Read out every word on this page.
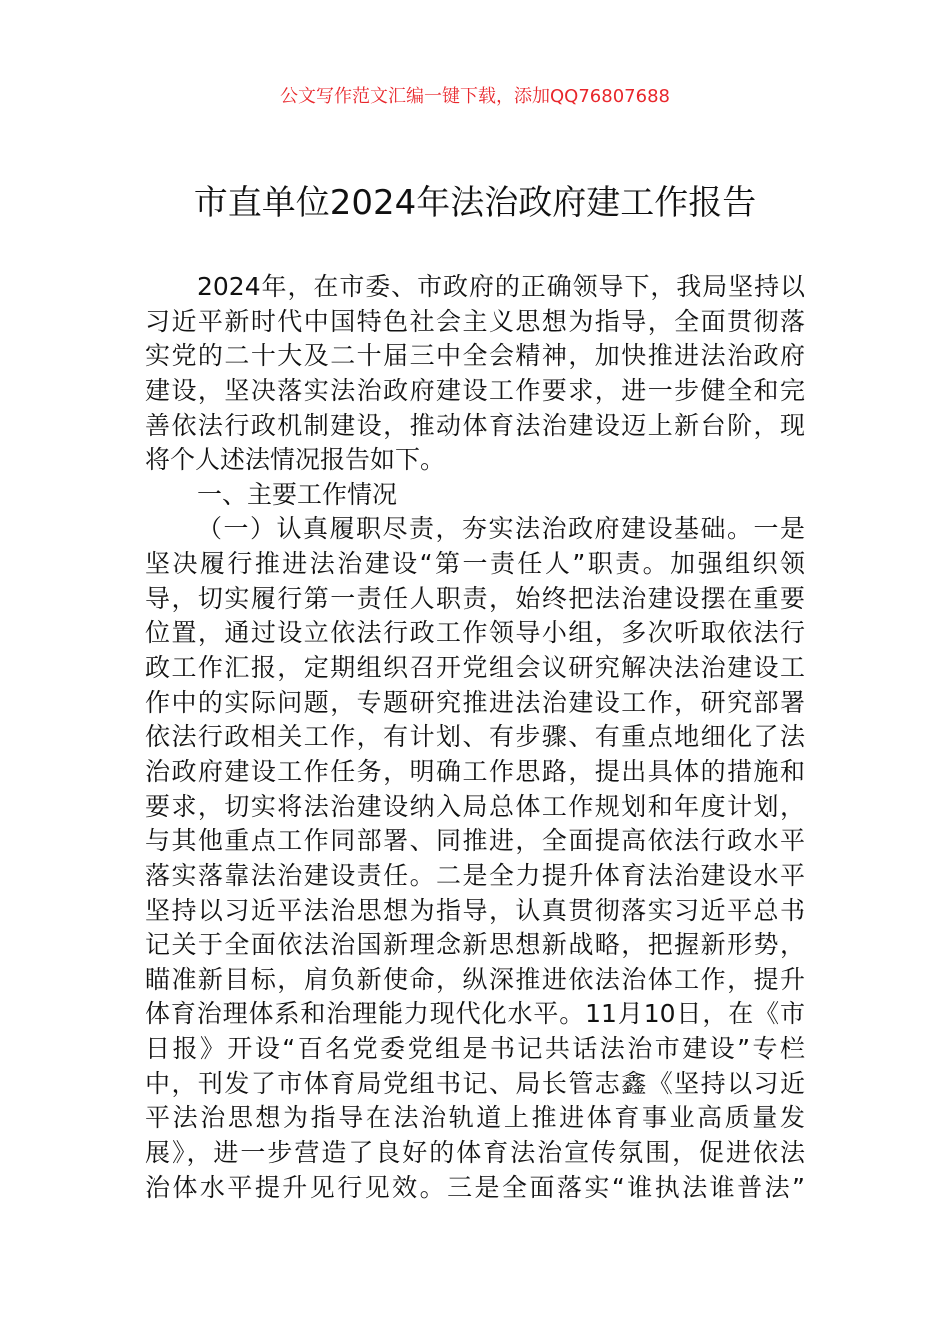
公文写作范文汇编一键下载，添加QQ76807688
市直单位2024年法治政府建工作报告
2024年，在市委、市政府的正确领导下，我局坚持以
习近平新时代中国特色社会主义思想为指导，全面贯彻落
实党的二十大及二十届三中全会精神，加快推进法治政府
建设，坚决落实法治政府建设工作要求，进一步健全和完
善依法行政机制建设，推动体育法治建设迈上新台阶，现
将个人述法情况报告如下。
一、主要工作情况
（一）认真履职尽责，夯实法治政府建设基础。一是
坚决履行推进法治建设“第一责任人”职责。加强组织领
导，切实履行第一责任人职责，始终把法治建设摆在重要
位置，通过设立依法行政工作领导小组，多次听取依法行
政工作汇报，定期组织召开党组会议研究解决法治建设工
作中的实际问题，专题研究推进法治建设工作，研究部署
依法行政相关工作，有计划、有步骤、有重点地细化了法
治政府建设工作任务，明确工作思路，提出具体的措施和
要求，切实将法治建设纳入局总体工作规划和年度计划，
与其他重点工作同部署、同推进，全面提高依法行政水平
落实落靠法治建设责任。二是全力提升体育法治建设水平
坚持以习近平法治思想为指导，认真贯彻落实习近平总书
记关于全面依法治国新理念新思想新战略，把握新形势，
瞄准新目标，肩负新使命，纵深推进依法治体工作，提升
体育治理体系和治理能力现代化水平。11月10日，在《市
日报》开设“百名党委党组是书记共话法治市建设”专栏
中，刊发了市体育局党组书记、局长管志鑫《坚持以习近
平法治思想为指导在法治轨道上推进体育事业高质量发
展》，进一步营造了良好的体育法治宣传氛围，促进依法
治体水平提升见行见效。三是全面落实“谁执法谁普法”
